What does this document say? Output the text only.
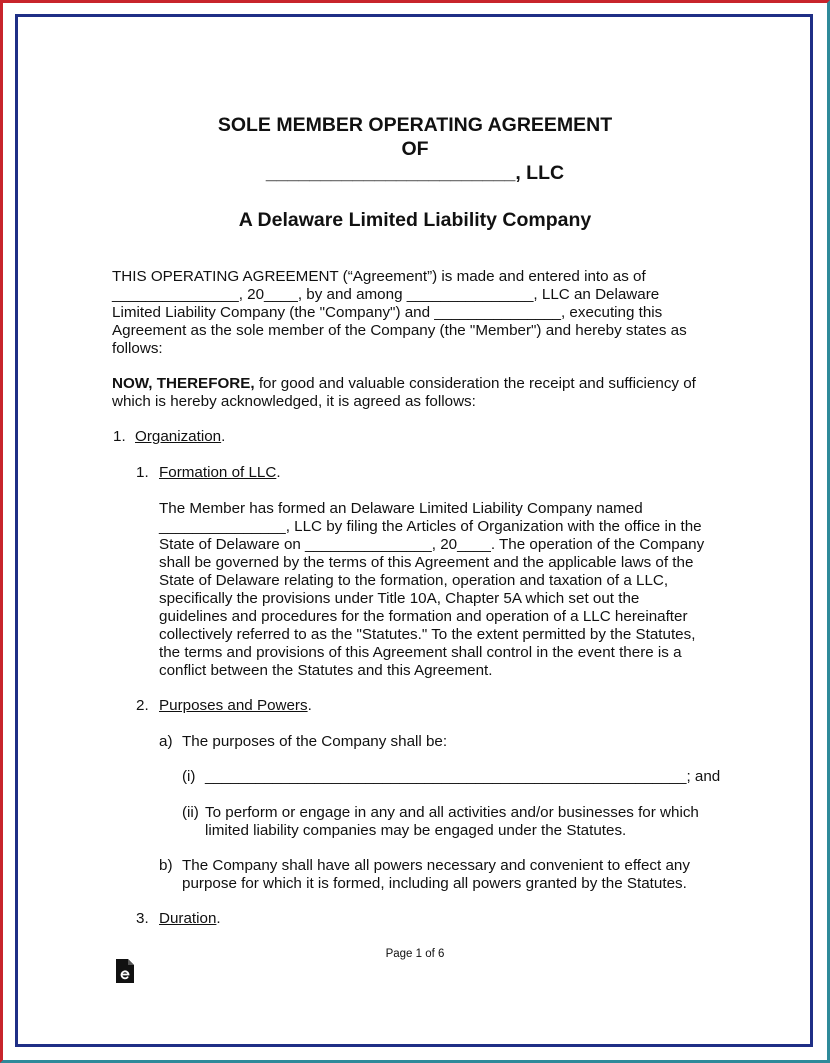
SOLE MEMBER OPERATING AGREEMENT
OF
_______________________, LLC
A Delaware Limited Liability Company
THIS OPERATING AGREEMENT (“Agreement”) is made and entered into as of
_______________, 20____, by and among _______________, LLC an Delaware
Limited Liability Company (the "Company") and _______________, executing this
Agreement as the sole member of the Company (the "Member") and hereby states as
follows:
NOW, THEREFORE, for good and valuable consideration the receipt and sufficiency of
which is hereby acknowledged, it is agreed as follows:
1. Organization.
1. Formation of LLC.
The Member has formed an Delaware Limited Liability Company named
_______________, LLC by filing the Articles of Organization with the office in the
State of Delaware on _______________, 20____. The operation of the Company
shall be governed by the terms of this Agreement and the applicable laws of the
State of Delaware relating to the formation, operation and taxation of a LLC,
specifically the provisions under Title 10A, Chapter 5A which set out the
guidelines and procedures for the formation and operation of a LLC hereinafter
collectively referred to as the "Statutes." To the extent permitted by the Statutes,
the terms and provisions of this Agreement shall control in the event there is a
conflict between the Statutes and this Agreement.
2. Purposes and Powers.
a) The purposes of the Company shall be:
(i) _________________________________________________________; and
(ii) To perform or engage in any and all activities and/or businesses for which
limited liability companies may be engaged under the Statutes.
b) The Company shall have all powers necessary and convenient to effect any
purpose for which it is formed, including all powers granted by the Statutes.
3. Duration.
Page 1 of 6
